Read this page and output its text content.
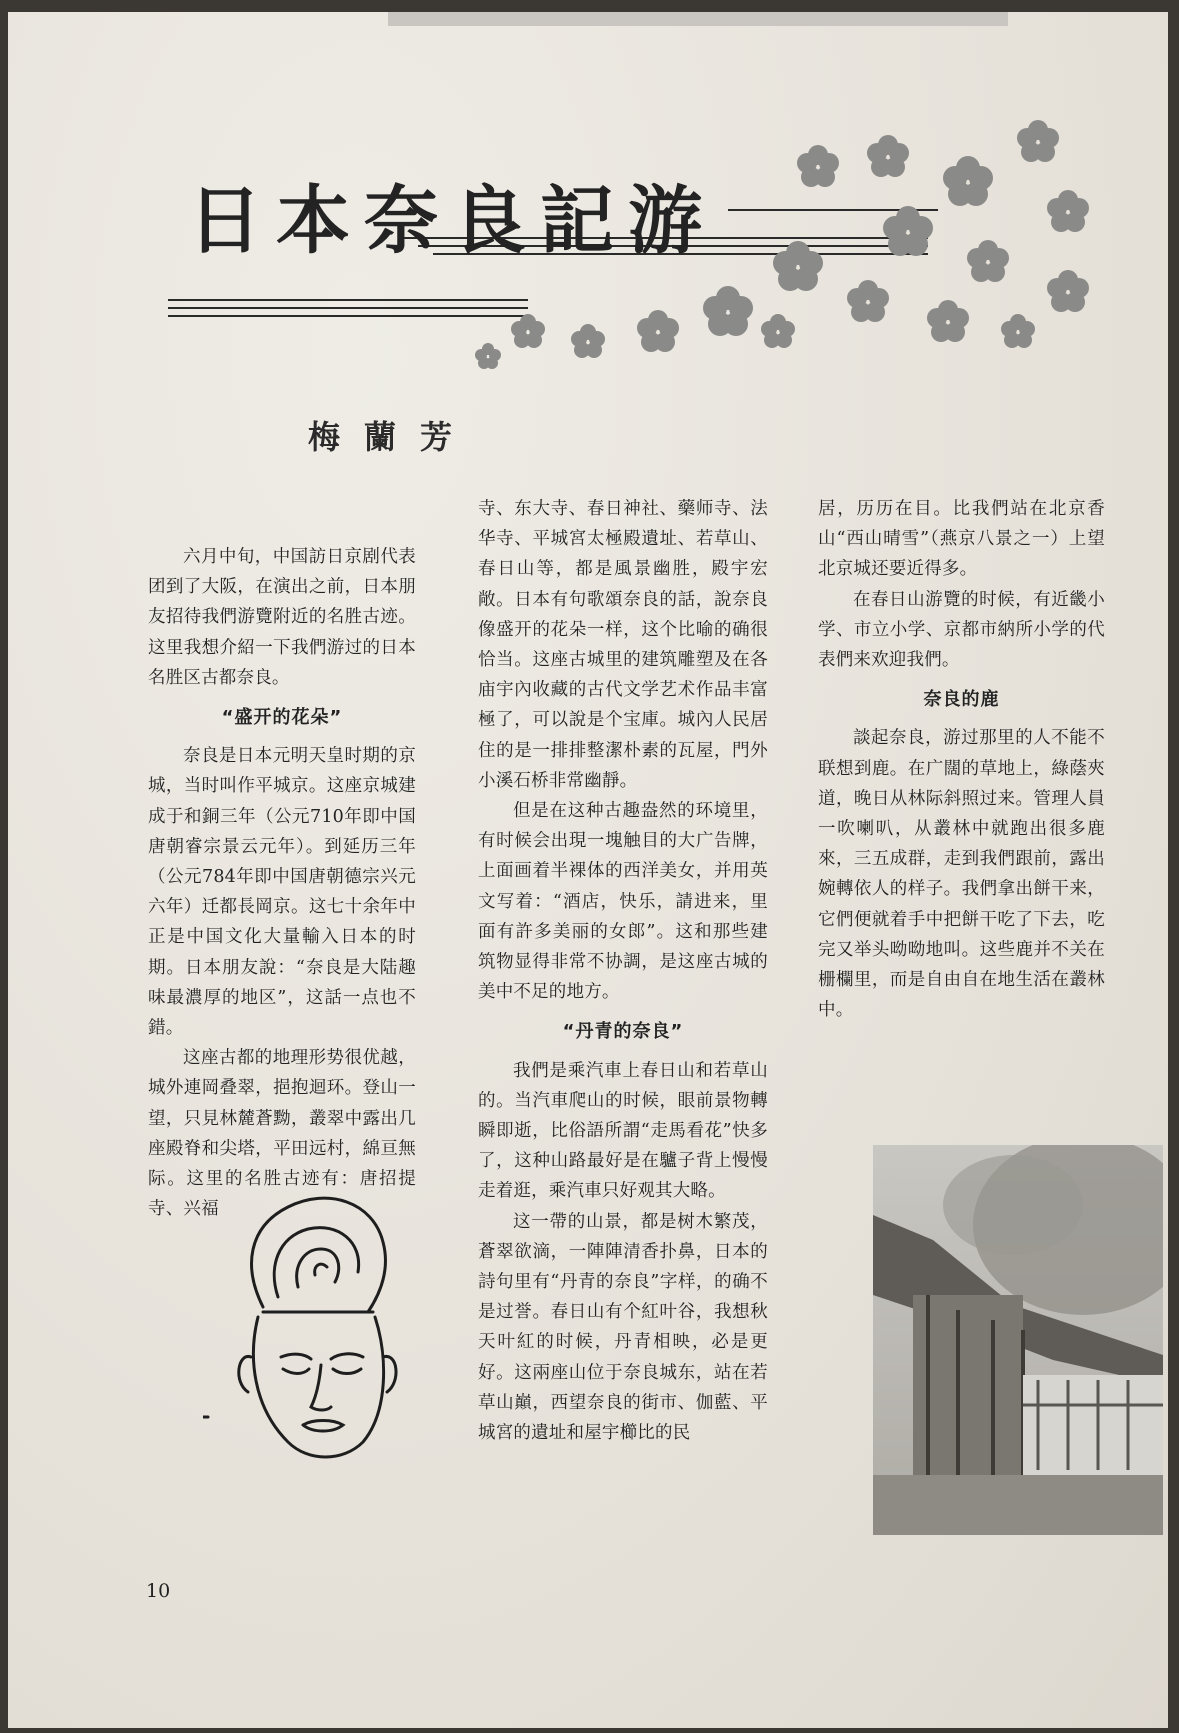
日本奈良記游
梅蘭芳

六月中旬，中国訪日京剧代表团到了大阪，在演出之前，日本朋友招待我們游覽附近的名胜古迹。这里我想介紹一下我們游过的日本名胜区古都奈良。

“盛开的花朵”

奈良是日本元明天皇时期的京城，当时叫作平城京。这座京城建成于和銅三年（公元710年即中国唐朝睿宗景云元年）。到延历三年（公元784年即中国唐朝德宗兴元六年）迁都長岡京。这七十余年中正是中国文化大量輸入日本的时期。日本朋友說：“奈良是大陆趣味最濃厚的地区”，这話一点也不錯。

这座古都的地理形势很优越，城外連岡叠翠，挹抱迴环。登山一望，只見林麓蒼黝，叢翠中露出几座殿脊和尖塔，平田远村，綿亘無际。这里的名胜古迹有：唐招提寺、兴福

寺、东大寺、春日神社、藥师寺、法华寺、平城宮太極殿遺址、若草山、春日山等，都是風景幽胜，殿宇宏敞。日本有句歌頌奈良的話，說奈良像盛开的花朵一样，这个比喻的确很恰当。这座古城里的建筑雕塑及在各庙宇內收藏的古代文学艺术作品丰富極了，可以說是个宝庫。城內人民居住的是一排排整潔朴素的瓦屋，門外小溪石桥非常幽靜。

但是在这种古趣盎然的环境里，有时候会出現一塊触目的大广告牌，上面画着半裸体的西洋美女，并用英文写着：“酒店，快乐，請进来，里面有許多美丽的女郎”。这和那些建筑物显得非常不协調，是这座古城的美中不足的地方。

“丹青的奈良”

我們是乘汽車上春日山和若草山的。当汽車爬山的时候，眼前景物轉瞬即逝，比俗語所謂“走馬看花”快多了，这种山路最好是在驢子背上慢慢走着逛，乘汽車只好观其大略。

这一帶的山景，都是树木繁茂，蒼翠欲滴，一陣陣清香扑鼻，日本的詩句里有“丹青的奈良”字样，的确不是过誉。春日山有个紅叶谷，我想秋天叶紅的时候，丹青相映，必是更好。这兩座山位于奈良城东，站在若草山巔，西望奈良的街市、伽藍、平城宮的遺址和屋宇櫛比的民

居，历历在目。比我們站在北京香山“西山晴雪”（燕京八景之一）上望北京城还要近得多。

在春日山游覽的时候，有近畿小学、市立小学、京都市納所小学的代表們来欢迎我們。

奈良的鹿

談起奈良，游过那里的人不能不联想到鹿。在广闊的草地上，綠蔭夾道，晚日从林际斜照过来。管理人員一吹喇叭，从叢林中就跑出很多鹿來，三五成群，走到我們跟前，露出婉轉依人的样子。我們拿出餅干来，它們便就着手中把餅干吃了下去，吃完又举头呦呦地叫。这些鹿并不关在栅欄里，而是自由自在地生活在叢林中。

10
